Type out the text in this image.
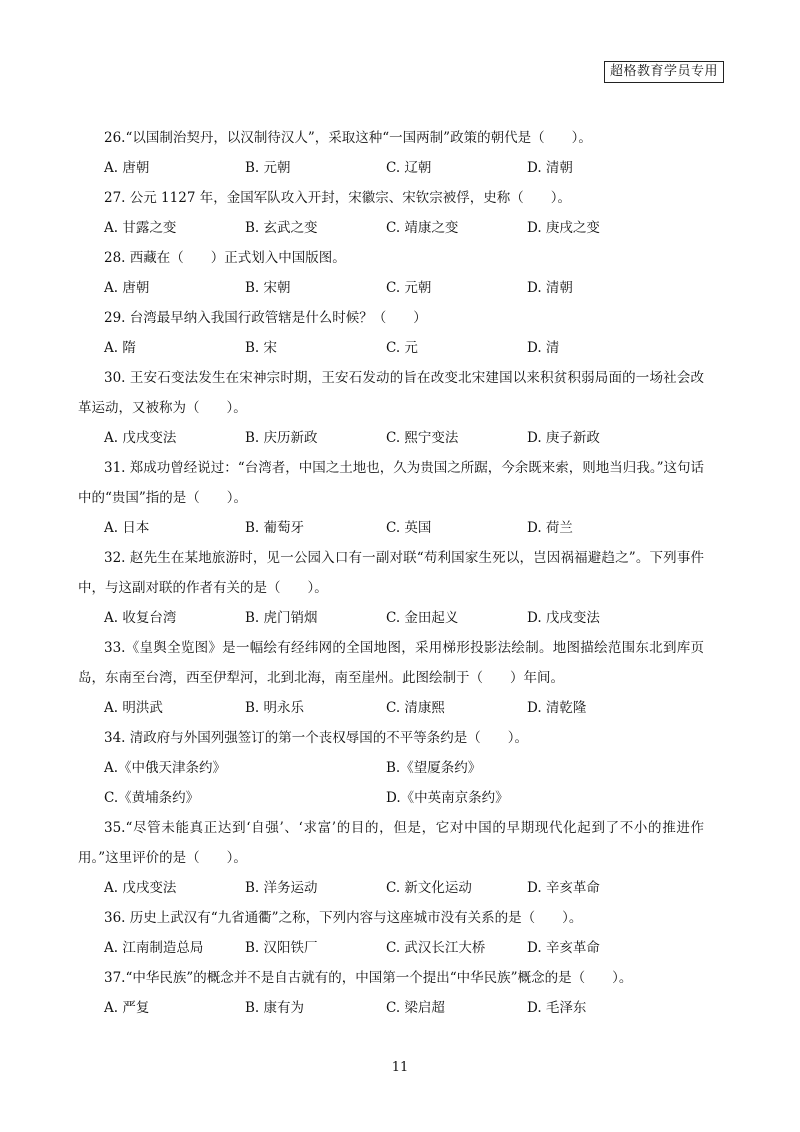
超格教育学员专用
26.“以国制治契丹，以汉制待汉人”，采取这种“一国两制”政策的朝代是（　　）。
A. 唐朝	B. 元朝	C. 辽朝	D. 清朝
27. 公元 1127 年，金国军队攻入开封，宋徽宗、宋钦宗被俘，史称（　　）。
A. 甘露之变	B. 玄武之变	C. 靖康之变	D. 庚戌之变
28. 西藏在（　　）正式划入中国版图。
A. 唐朝	B. 宋朝	C. 元朝	D. 清朝
29. 台湾最早纳入我国行政管辖是什么时候？（　　）
A. 隋	B. 宋	C. 元	D. 清
30. 王安石变法发生在宋神宗时期，王安石发动的旨在改变北宋建国以来积贫积弱局面的一场社会改革运动，又被称为（　　）。
A. 戊戌变法	B. 庆历新政	C. 熙宁变法	D. 庚子新政
31. 郑成功曾经说过：“台湾者，中国之土地也，久为贵国之所踞，今余既来索，则地当归我。”这句话中的“贵国”指的是（　　）。
A. 日本	B. 葡萄牙	C. 英国	D. 荷兰
32. 赵先生在某地旅游时，见一公园入口有一副对联“苟利国家生死以，岂因祸福避趋之”。下列事件中，与这副对联的作者有关的是（　　）。
A. 收复台湾	B. 虎门销烟	C. 金田起义	D. 戊戌变法
33.《皇舆全览图》是一幅绘有经纬网的全国地图，采用梯形投影法绘制。地图描绘范围东北到库页岛，东南至台湾，西至伊犁河，北到北海，南至崖州。此图绘制于（　　）年间。
A. 明洪武	B. 明永乐	C. 清康熙	D. 清乾隆
34. 清政府与外国列强签订的第一个丧权辱国的不平等条约是（　　）。
A.《中俄天津条约》	B.《望厦条约》
C.《黄埔条约》	D.《中英南京条约》
35.“尽管未能真正达到‘自强’、‘求富’的目的，但是，它对中国的早期现代化起到了不小的推进作用。”这里评价的是（　　）。
A. 戊戌变法	B. 洋务运动	C. 新文化运动	D. 辛亥革命
36. 历史上武汉有“九省通衢”之称，下列内容与这座城市没有关系的是（　　）。
A. 江南制造总局	B. 汉阳铁厂	C. 武汉长江大桥	D. 辛亥革命
37.“中华民族”的概念并不是自古就有的，中国第一个提出“中华民族”概念的是（　　）。
A. 严复	B. 康有为	C. 梁启超	D. 毛泽东
11
